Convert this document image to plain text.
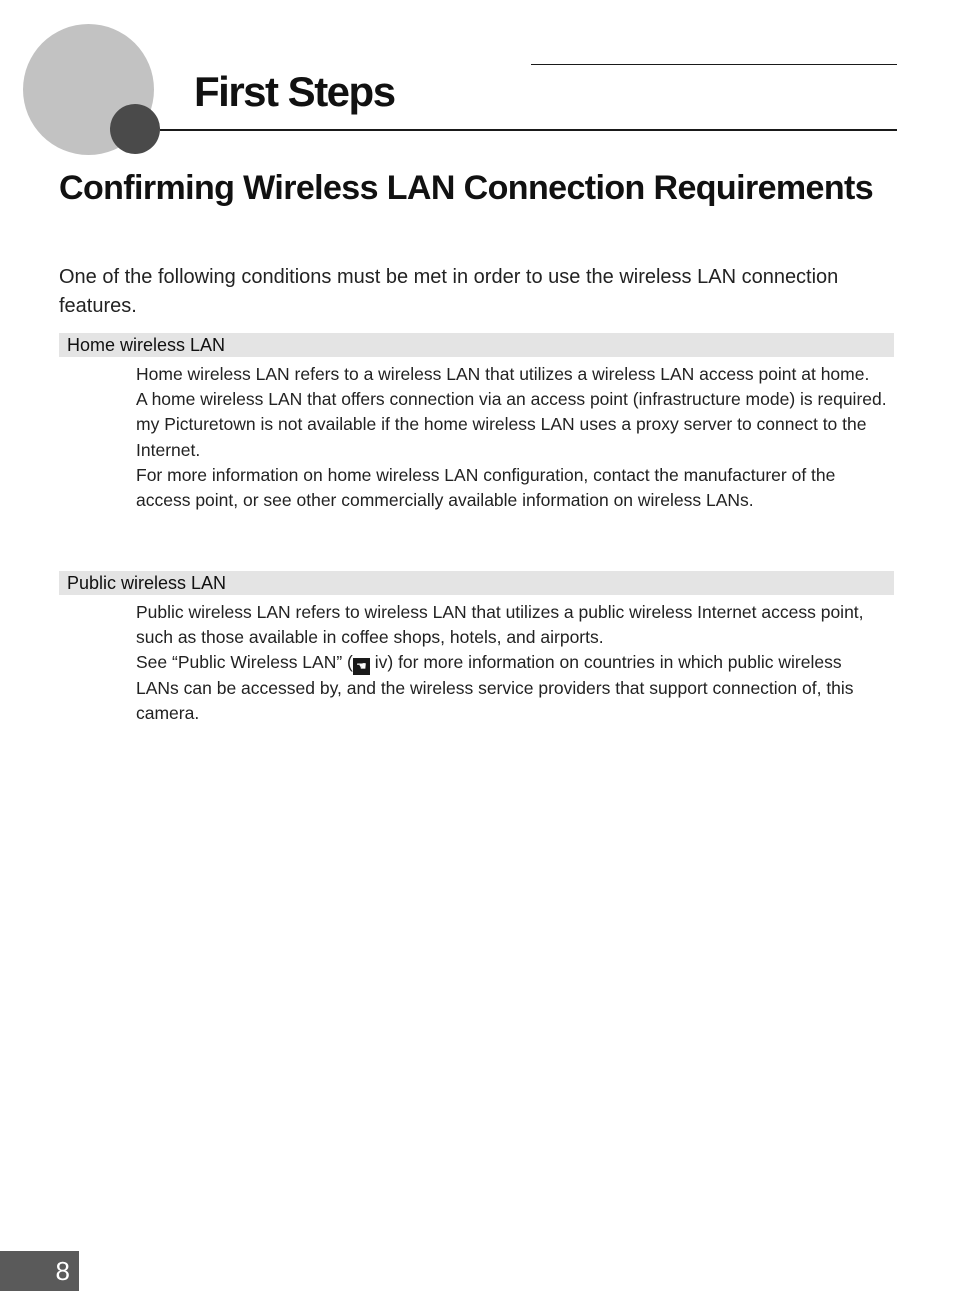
First Steps
Confirming Wireless LAN Connection Requirements

One of the following conditions must be met in order to use the wireless LAN connection features.

Home wireless LAN

Home wireless LAN refers to a wireless LAN that utilizes a wireless LAN access point at home.

A home wireless LAN that offers connection via an access point (infrastructure mode) is required.

my Picturetown is not available if the home wireless LAN uses a proxy server to connect to the Internet.

For more information on home wireless LAN configuration, contact the manufacturer of the access point, or see other commercially available information on wireless LANs.

Public wireless LAN

Public wireless LAN refers to wireless LAN that utilizes a public wireless Internet access point, such as those available in coffee shops, hotels, and airports.

See “Public Wireless LAN” ( ☚ iv) for more information on countries in which public wireless LANs can be accessed by, and the wireless service providers that support connection of, this camera.

8
